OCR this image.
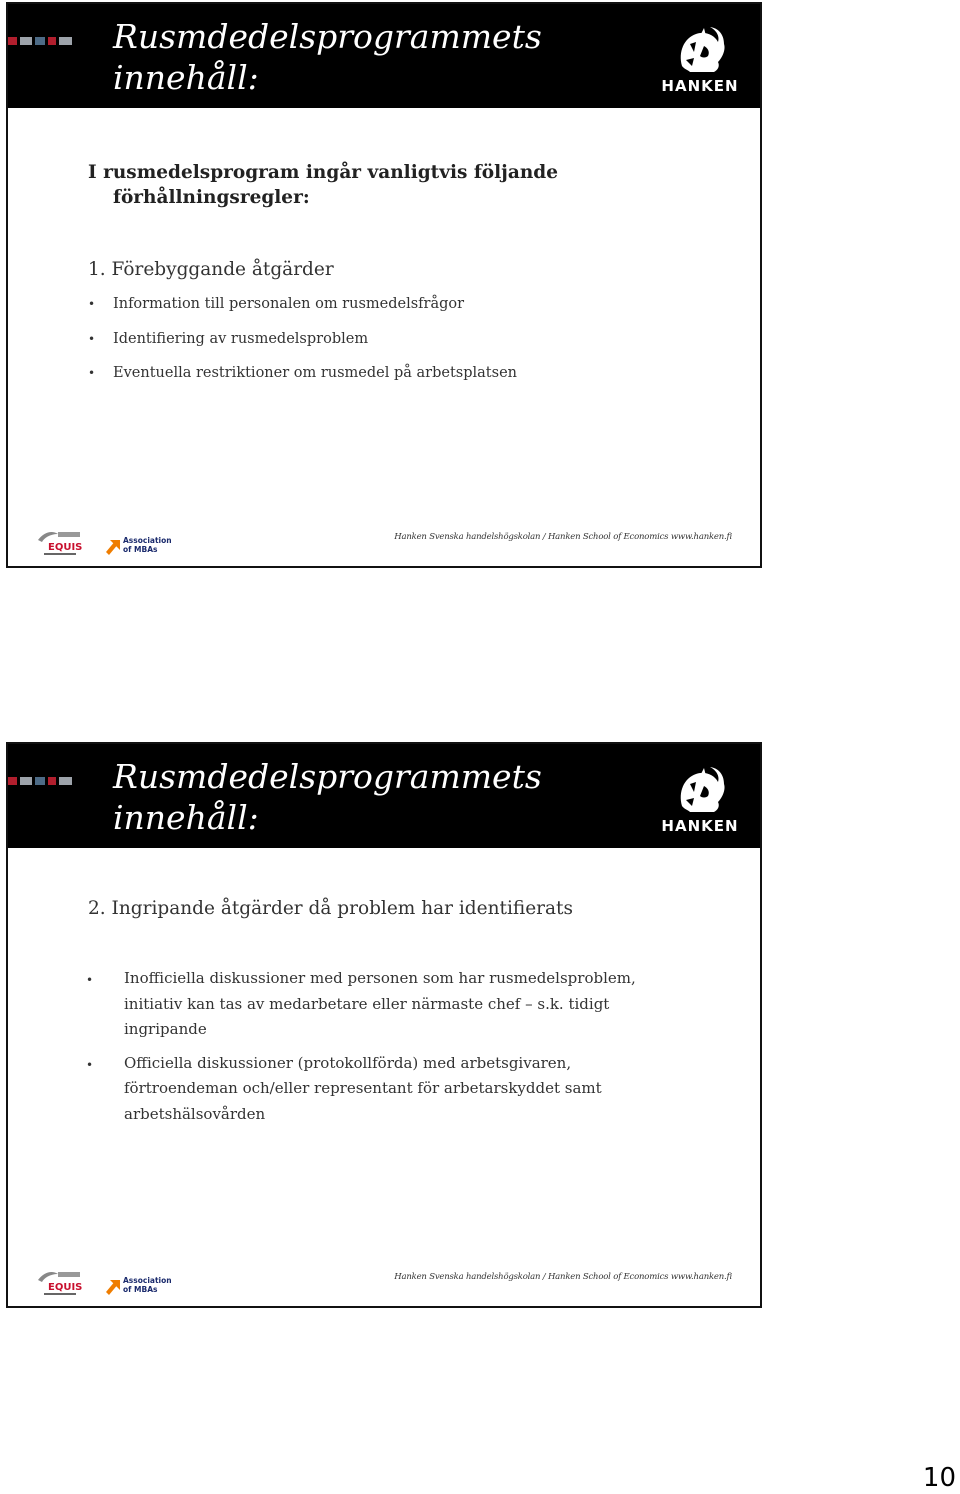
Rusmdedelsprogrammets
innehåll:	HANKEN

I rusmedelsprogram ingår vanligtvis följande
förhållningsregler:

1. Förebyggande åtgärder
• Information till personalen om rusmedelsfrågor
• Identifiering av rusmedelsproblem
• Eventuella restriktioner om rusmedel på arbetsplatsen
EQUIS
Association
of MBAs
Hanken Svenska handelshögskolan / Hanken School of Economics www.hanken.fi
Rusmdedelsprogrammets
innehåll:	HANKEN
2. Ingripande åtgärder då problem har identifierats
• Inofficiella diskussioner med personen som har rusmedelsproblem, initiativ kan tas av medarbetare eller närmaste chef – s.k. tidigt ingripande
• Officiella diskussioner (protokollförda) med arbetsgivaren, förtroendeman och/eller representant för arbetarskyddet samt arbetshälsovården
EQUIS
Association
of MBAs
Hanken Svenska handelshögskolan / Hanken School of Economics www.hanken.fi
10
